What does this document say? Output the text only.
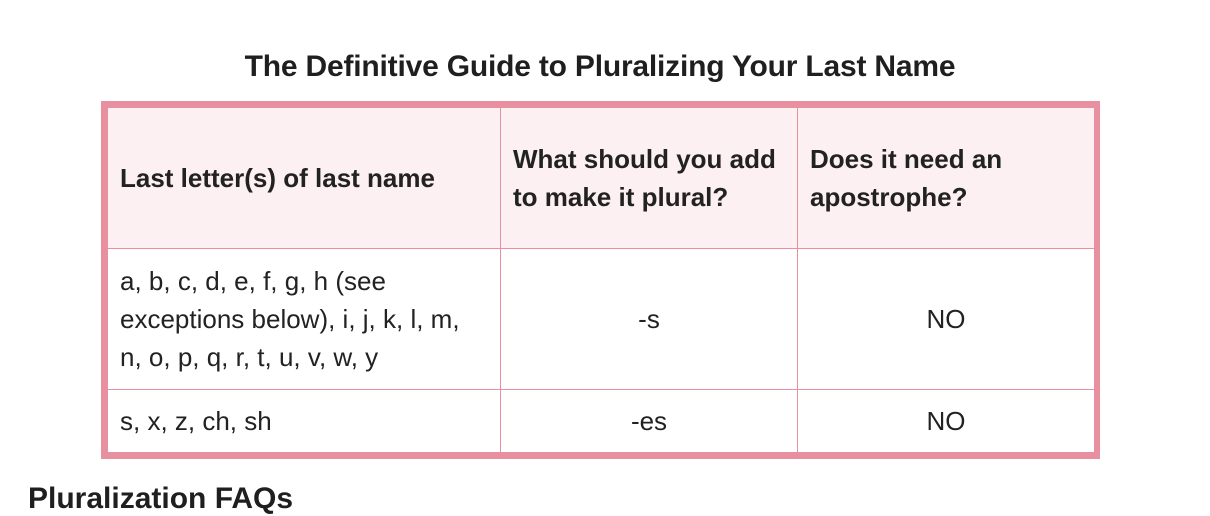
The Definitive Guide to Pluralizing Your Last Name
Last letter(s) of last name	What should you add to make it plural?	Does it need an apostrophe?
a, b, c, d, e, f, g, h (see exceptions below), i, j, k, l, m, n, o, p, q, r, t, u, v, w, y	-s	NO
s, x, z, ch, sh	-es	NO
Pluralization FAQs
